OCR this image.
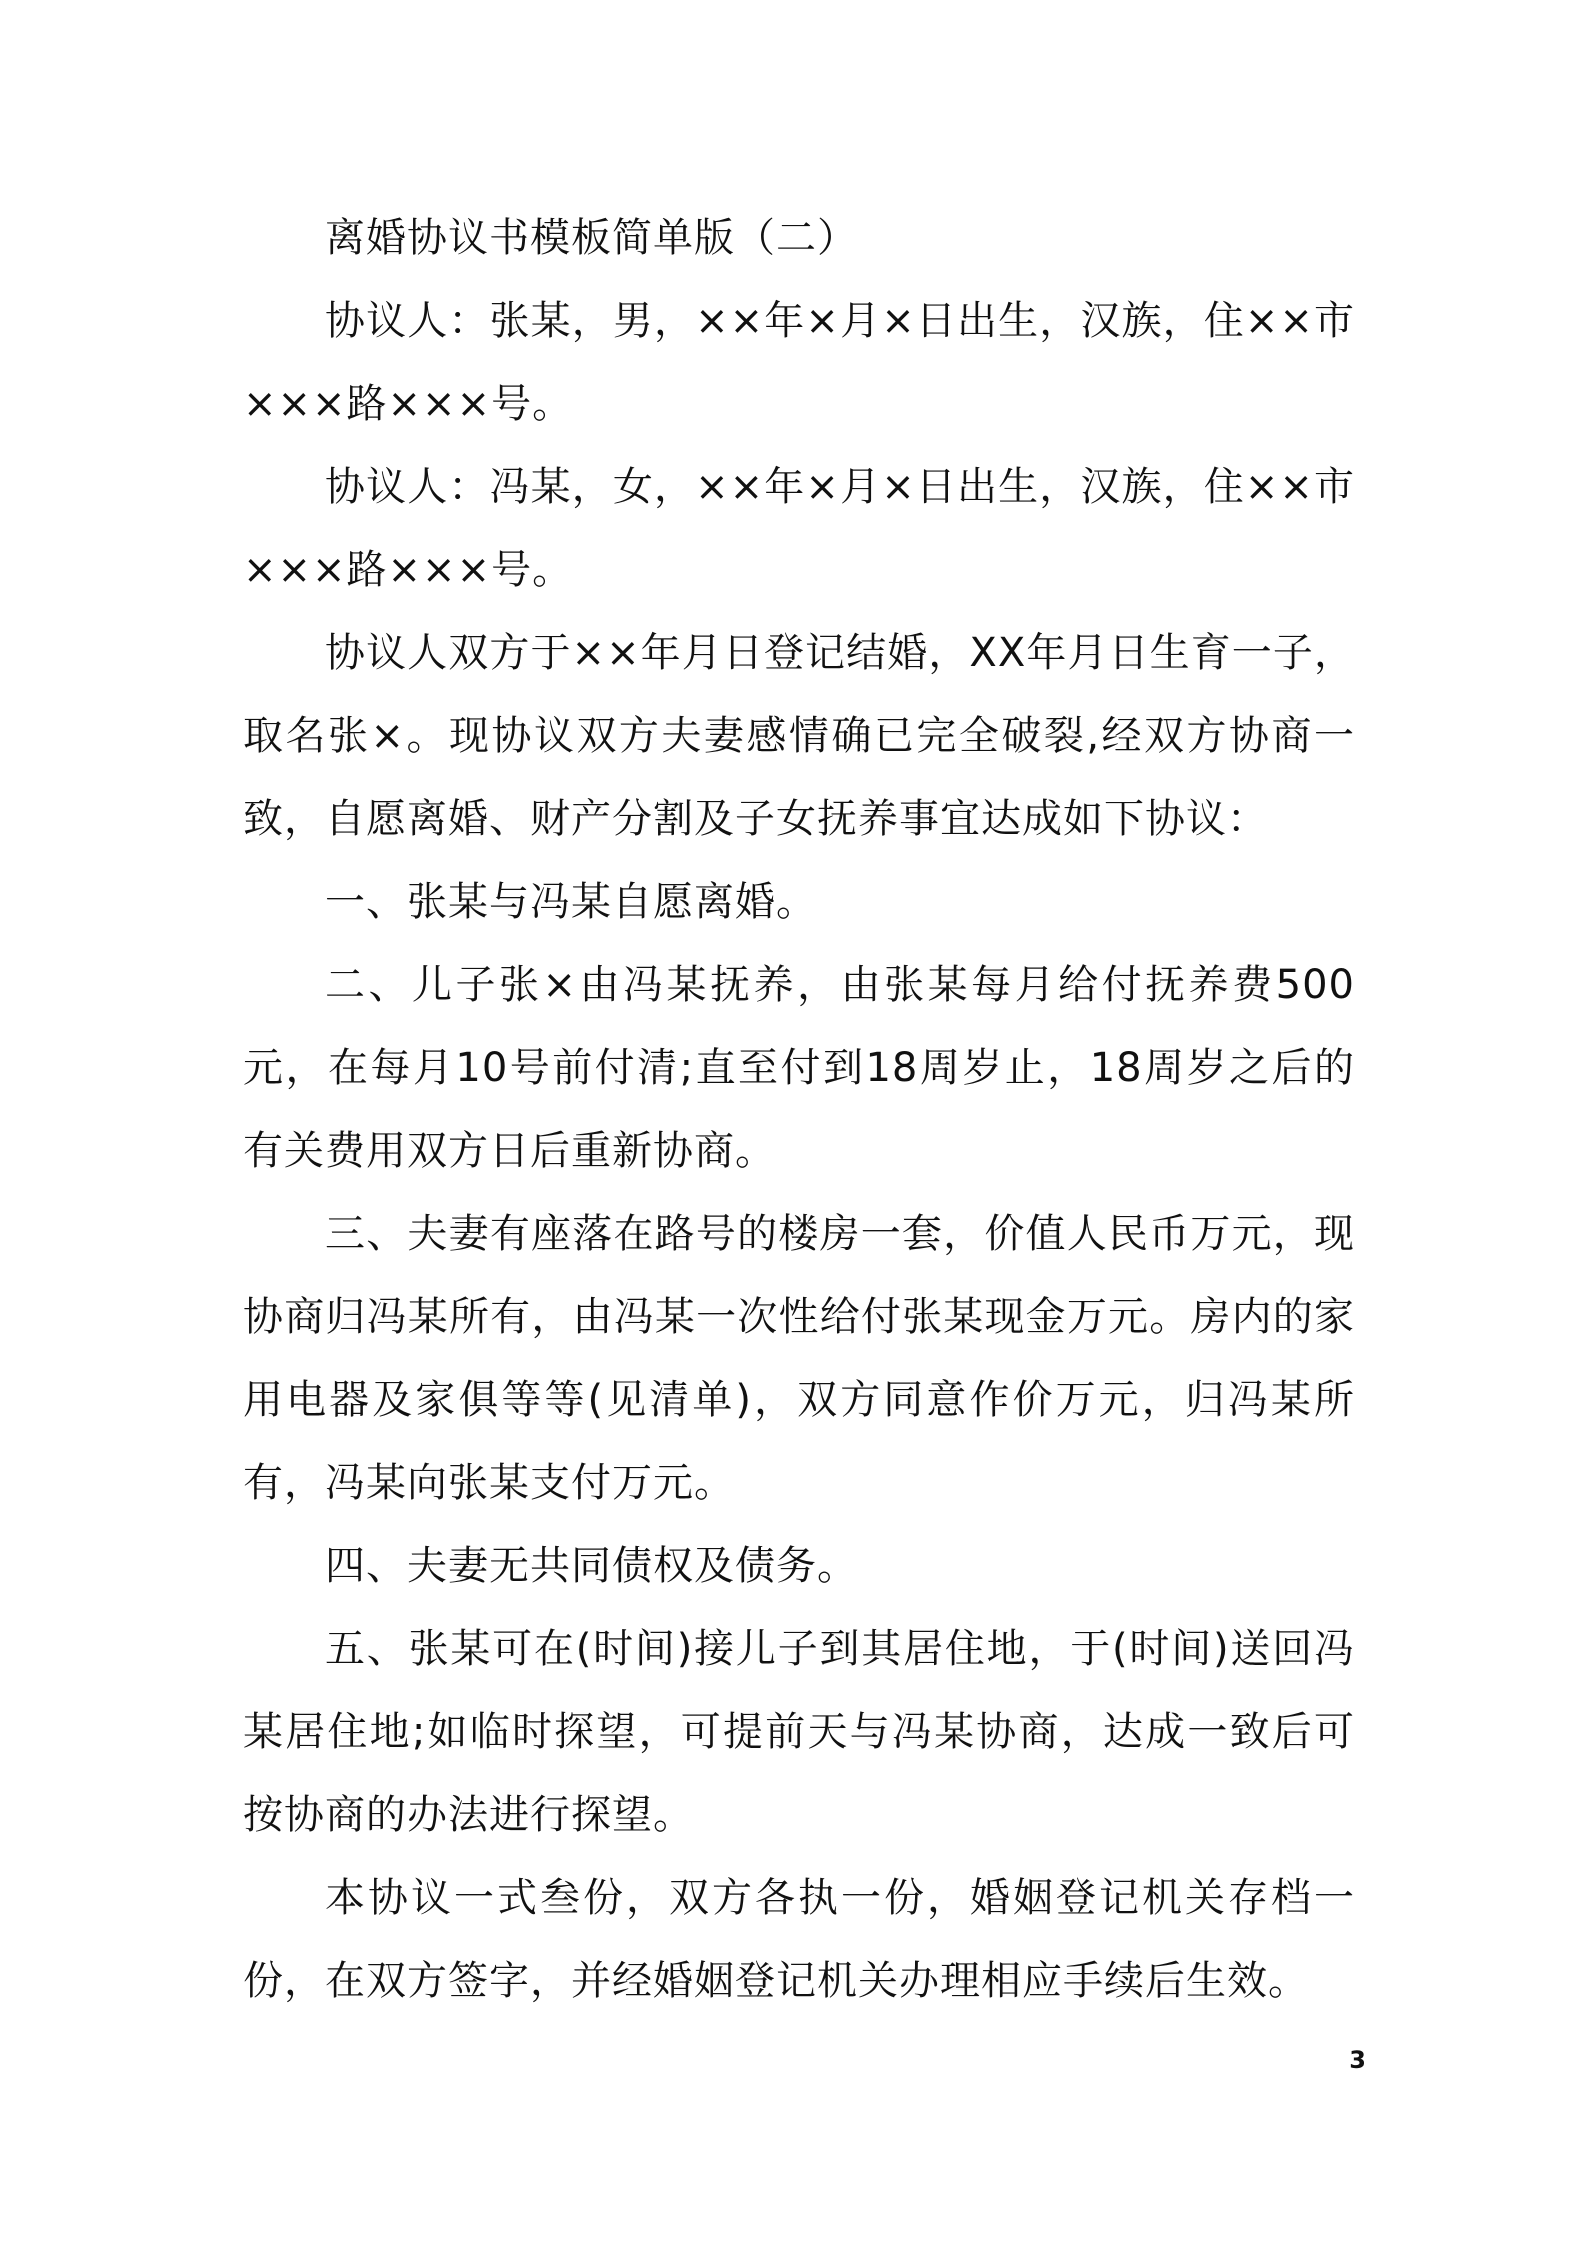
离婚协议书模板简单版（二）

协议人：张某，男，××年×月×日出生，汉族，住××市×××路×××号。

协议人：冯某，女，××年×月×日出生，汉族，住××市×××路×××号。

协议人双方于××年月日登记结婚，XX年月日生育一子，取名张×。现协议双方夫妻感情确已完全破裂,经双方协商一致，自愿离婚、财产分割及子女抚养事宜达成如下协议：

一、张某与冯某自愿离婚。

二、儿子张×由冯某抚养，由张某每月给付抚养费500元，在每月10号前付清;直至付到18周岁止，18周岁之后的有关费用双方日后重新协商。

三、夫妻有座落在路号的楼房一套，价值人民币万元，现协商归冯某所有，由冯某一次性给付张某现金万元。房内的家用电器及家俱等等(见清单)，双方同意作价万元，归冯某所有，冯某向张某支付万元。

四、夫妻无共同债权及债务。

五、张某可在(时间)接儿子到其居住地，于(时间)送回冯某居住地;如临时探望，可提前天与冯某协商，达成一致后可按协商的办法进行探望。

本协议一式叁份，双方各执一份，婚姻登记机关存档一份，在双方签字，并经婚姻登记机关办理相应手续后生效。

3
